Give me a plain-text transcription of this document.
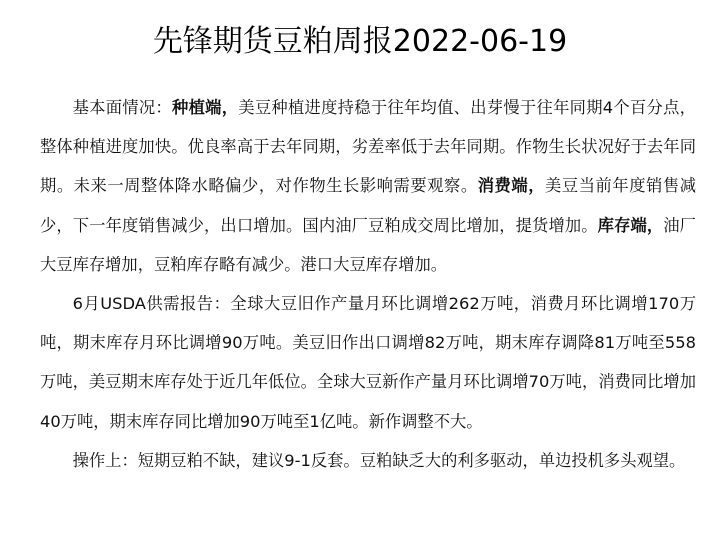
先锋期货豆粕周报2022-06-19

基本面情况：种植端，美豆种植进度持稳于往年均值、出芽慢于往年同期4个百分点，整体种植进度加快。优良率高于去年同期，劣差率低于去年同期。作物生长状况好于去年同期。未来一周整体降水略偏少，对作物生长影响需要观察。消费端，美豆当前年度销售减少，下一年度销售减少，出口增加。国内油厂豆粕成交周比增加，提货增加。库存端，油厂大豆库存增加，豆粕库存略有减少。港口大豆库存增加。

6月USDA供需报告：全球大豆旧作产量月环比调增262万吨，消费月环比调增170万吨，期末库存月环比调增90万吨。美豆旧作出口调增82万吨，期末库存调降81万吨至558万吨，美豆期末库存处于近几年低位。全球大豆新作产量月环比调增70万吨，消费同比增加40万吨，期末库存同比增加90万吨至1亿吨。新作调整不大。

操作上：短期豆粕不缺，建议9-1反套。豆粕缺乏大的利多驱动，单边投机多头观望。
